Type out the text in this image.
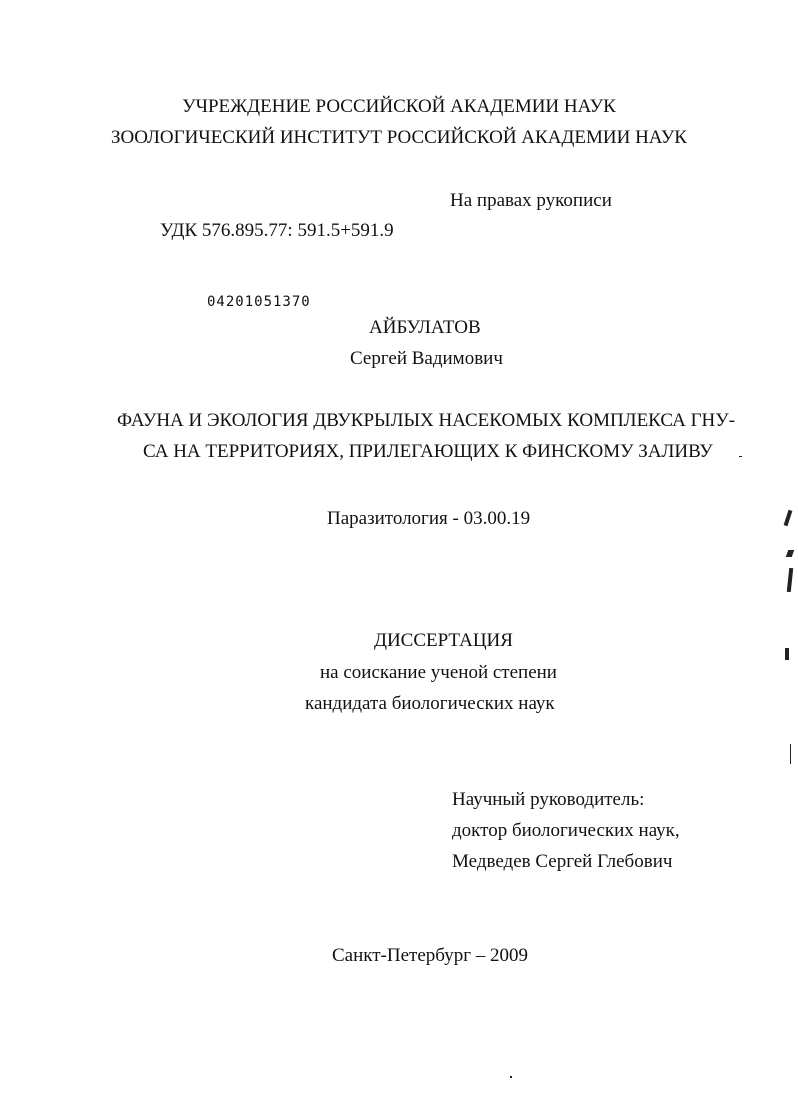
УЧРЕЖДЕНИЕ РОССИЙСКОЙ АКАДЕМИИ НАУК
ЗООЛОГИЧЕСКИЙ ИНСТИТУТ РОССИЙСКОЙ АКАДЕМИИ НАУК
На правах рукописи
УДК 576.895.77: 591.5+591.9
04201051370
АЙБУЛАТОВ
Сергей Вадимович
ФАУНА И ЭКОЛОГИЯ ДВУКРЫЛЫХ НАСЕКОМЫХ КОМПЛЕКСА ГНУ-
СА НА ТЕРРИТОРИЯХ, ПРИЛЕГАЮЩИХ К ФИНСКОМУ ЗАЛИВУ
Паразитология - 03.00.19
ДИССЕРТАЦИЯ
на соискание ученой степени
кандидата биологических наук
Научный руководитель:
доктор биологических наук,
Медведев Сергей Глебович
Санкт-Петербург – 2009
